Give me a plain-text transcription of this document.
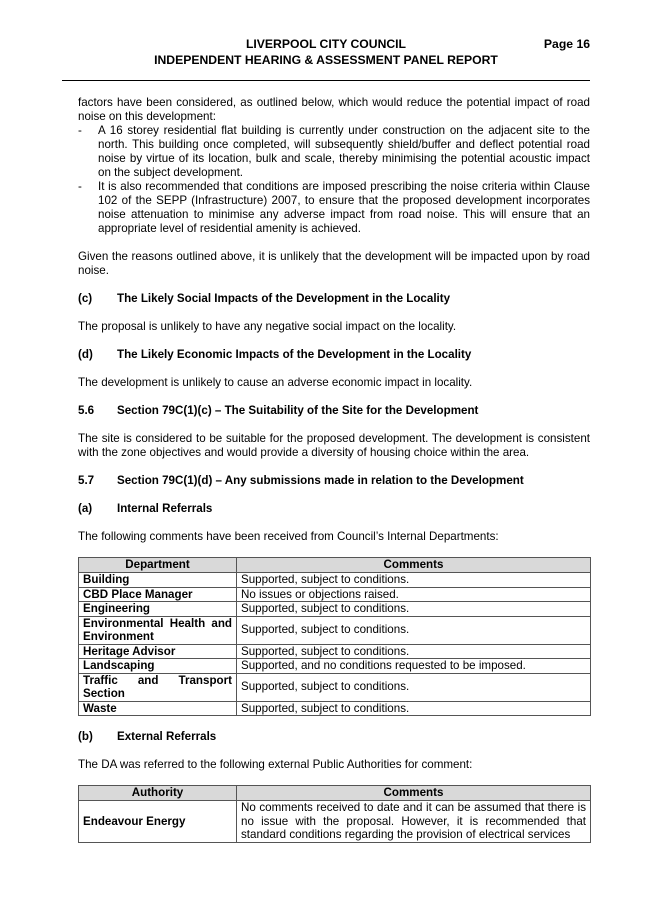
LIVERPOOL CITY COUNCIL	Page 16
INDEPENDENT HEARING & ASSESSMENT PANEL REPORT

factors have been considered, as outlined below, which would reduce the potential impact of road noise on this development:

- A 16 storey residential flat building is currently under construction on the adjacent site to the north. This building once completed, will subsequently shield/buffer and deflect potential road noise by virtue of its location, bulk and scale, thereby minimising the potential acoustic impact on the subject development.
- It is also recommended that conditions are imposed prescribing the noise criteria within Clause 102 of the SEPP (Infrastructure) 2007, to ensure that the proposed development incorporates noise attenuation to minimise any adverse impact from road noise. This will ensure that an appropriate level of residential amenity is achieved.

Given the reasons outlined above, it is unlikely that the development will be impacted upon by road noise.

(c)	The Likely Social Impacts of the Development in the Locality

The proposal is unlikely to have any negative social impact on the locality.

(d)	The Likely Economic Impacts of the Development in the Locality

The development is unlikely to cause an adverse economic impact in locality.

5.6	Section 79C(1)(c) – The Suitability of the Site for the Development

The site is considered to be suitable for the proposed development. The development is consistent with the zone objectives and would provide a diversity of housing choice within the area.

5.7	Section 79C(1)(d) – Any submissions made in relation to the Development
(a)	Internal Referrals

The following comments have been received from Council’s Internal Departments:

Department	Comments
Building	Supported, subject to conditions.
CBD Place Manager	No issues or objections raised.
Engineering	Supported, subject to conditions.
Environmental Health and Environment	Supported, subject to conditions.
Heritage Advisor	Supported, subject to conditions.
Landscaping	Supported, and no conditions requested to be imposed.
Traffic and Transport Section	Supported, subject to conditions.
Waste	Supported, subject to conditions.
(b)	External Referrals

The DA was referred to the following external Public Authorities for comment:

Authority	Comments
Endeavour Energy	No comments received to date and it can be assumed that there is no issue with the proposal. However, it is recommended that standard conditions regarding the provision of electrical services
